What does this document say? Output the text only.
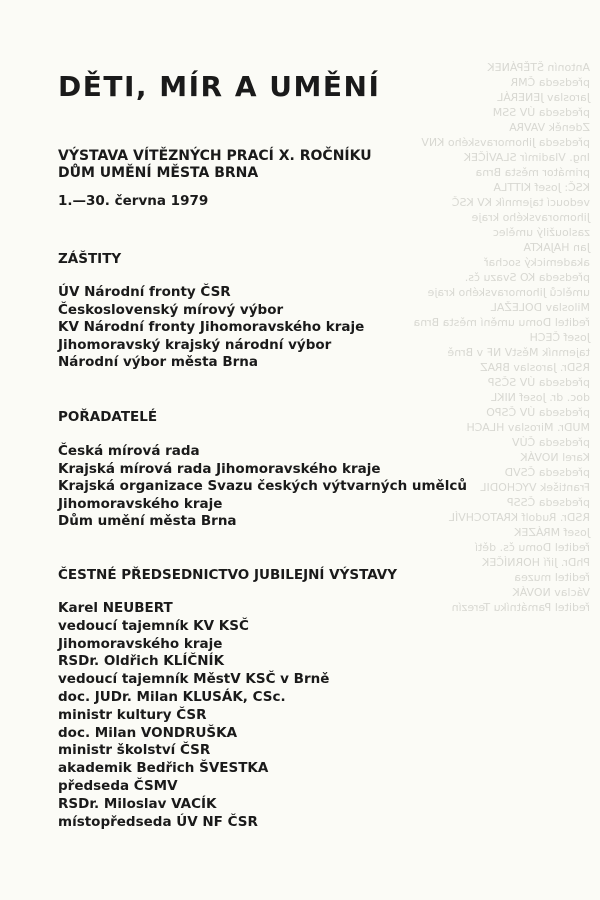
Antonín ŠTĚPÁNEK
předseda ČMR
Jaroslav JENERÁL
předseda ÚV SSM
Zdeněk VAVRA
předseda Jihomoravského KNV
Ing. Vladimír SLAVÍČEK
primátor města Brna
KSČ: Josef KITTLA
vedoucí tajemník KV KSČ
Jihomoravského kraje
zasloužilý umělec
Jan HAJAKTA
akademický sochař
předseda KO Svazu čs.
umělců Jihomoravského kraje
Miloslav DOLEŽAL
ředitel Domu umění města Brna
Josef ČECH
tajemník MěstV NF v Brně
RSDr. Jaroslav BRAZ
předseda ÚV SČSP
doc. dr. Josef NIKL
předseda ÚV ČSPO
MUDr. Miroslav HLACH
předseda ČÚV
Karel NOVÁK
předseda ČSVD
František VYCHODIL
předseda ČSSP
RSDr. Rudolf KRATOCHVÍL
Josef MRÁZEK
ředitel Domu čs. dětí
PhDr. Jiří HORNÍČEK
ředitel muzea
Václav NOVÁK
ředitel Památníku Terezín
DĚTI, MÍR A UMĚNÍ
VÝSTAVA VÍTĚZNÝCH PRACÍ X. ROČNÍKU
DŮM UMĚNÍ MĚSTA BRNA
1.—30. června 1979
ZÁŠTITY
ÚV Národní fronty ČSR
Československý mírový výbor
KV Národní fronty Jihomoravského kraje
Jihomoravský krajský národní výbor
Národní výbor města Brna
POŘADATELÉ
Česká mírová rada
Krajská mírová rada Jihomoravského kraje
Krajská organizace Svazu českých výtvarných umělců
Jihomoravského kraje
Dům umění města Brna
ČESTNÉ PŘEDSEDNICTVO JUBILEJNÍ VÝSTAVY
Karel NEUBERT
vedoucí tajemník KV KSČ
Jihomoravského kraje
RSDr. Oldřich KLÍČNÍK
vedoucí tajemník MěstV KSČ v Brně
doc. JUDr. Milan KLUSÁK, CSc.
ministr kultury ČSR
doc. Milan VONDRUŠKA
ministr školství ČSR
akademik Bedřich ŠVESTKA
předseda ČSMV
RSDr. Miloslav VACÍK
místopředseda ÚV NF ČSR
